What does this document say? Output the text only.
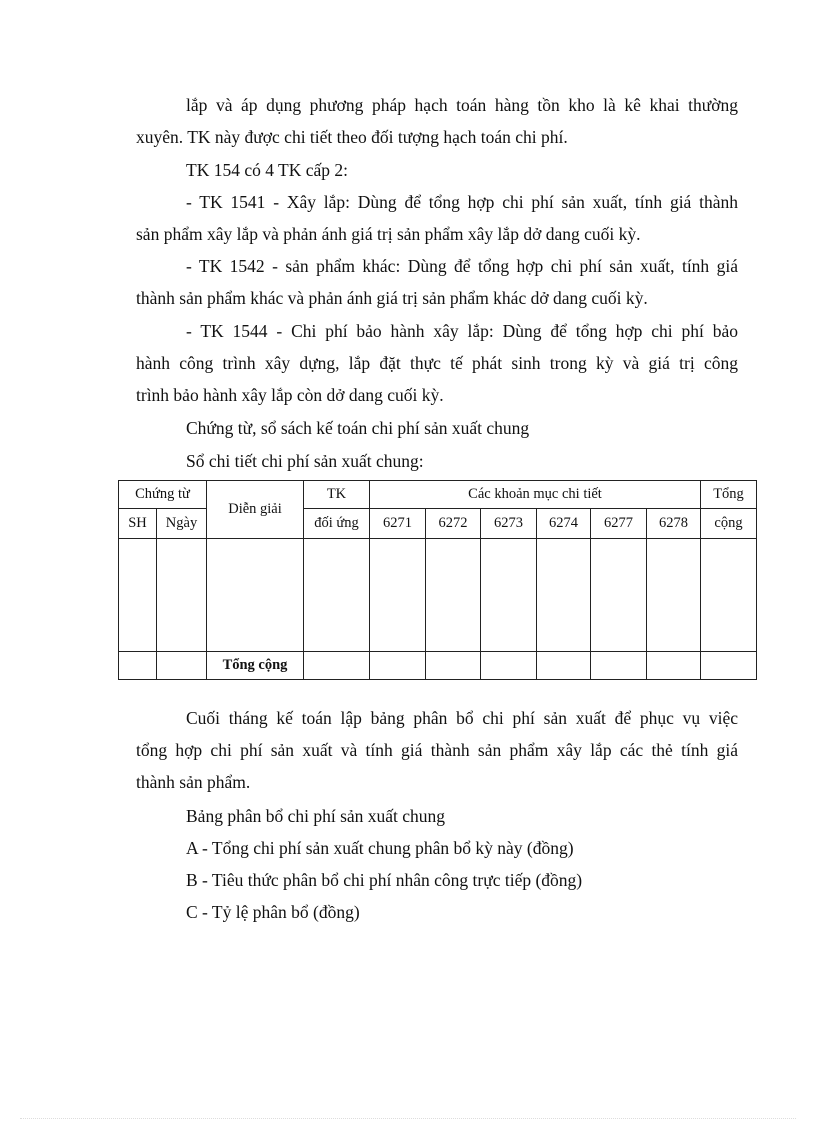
lắp và áp dụng phương pháp hạch toán hàng tồn kho là kê khai thường
xuyên. TK này được chi tiết theo đối tượng hạch toán chi phí.

TK 154 có 4 TK cấp 2:

- TK 1541 - Xây lắp: Dùng để tổng hợp chi phí sản xuất, tính giá thành
sản phẩm xây lắp và phản ánh giá trị sản phẩm xây lắp dở dang cuối kỳ.
- TK 1542 - sản phẩm khác: Dùng để tổng hợp chi phí sản xuất, tính giá
thành sản phẩm khác và phản ánh giá trị sản phẩm khác dở dang cuối kỳ.
- TK 1544 - Chi phí bảo hành xây lắp: Dùng để tổng hợp chi phí bảo
hành công trình xây dựng, lắp đặt thực tế phát sinh trong kỳ và giá trị công
trình bảo hành xây lắp còn dở dang cuối kỳ.

Chứng từ, sổ sách kế toán chi phí sản xuất chung

Sổ chi tiết chi phí sản xuất chung:

Chứng từ		Diễn giải	TK	Các khoản mục chi tiết						Tổng
SH	Ngày		đối ứng	6271	6272	6273	6274	6277	6278	cộng

		Tổng cộng								
Cuối tháng kế toán lập bảng phân bổ chi phí sản xuất để phục vụ việc
tổng hợp chi phí sản xuất và tính giá thành sản phẩm xây lắp các thẻ tính giá
thành sản phẩm.

Bảng phân bổ chi phí sản xuất chung

A - Tổng chi phí sản xuất chung phân bổ kỳ này (đồng)

B - Tiêu thức phân bổ chi phí nhân công trực tiếp (đồng)

C - Tỷ lệ phân bổ (đồng)
